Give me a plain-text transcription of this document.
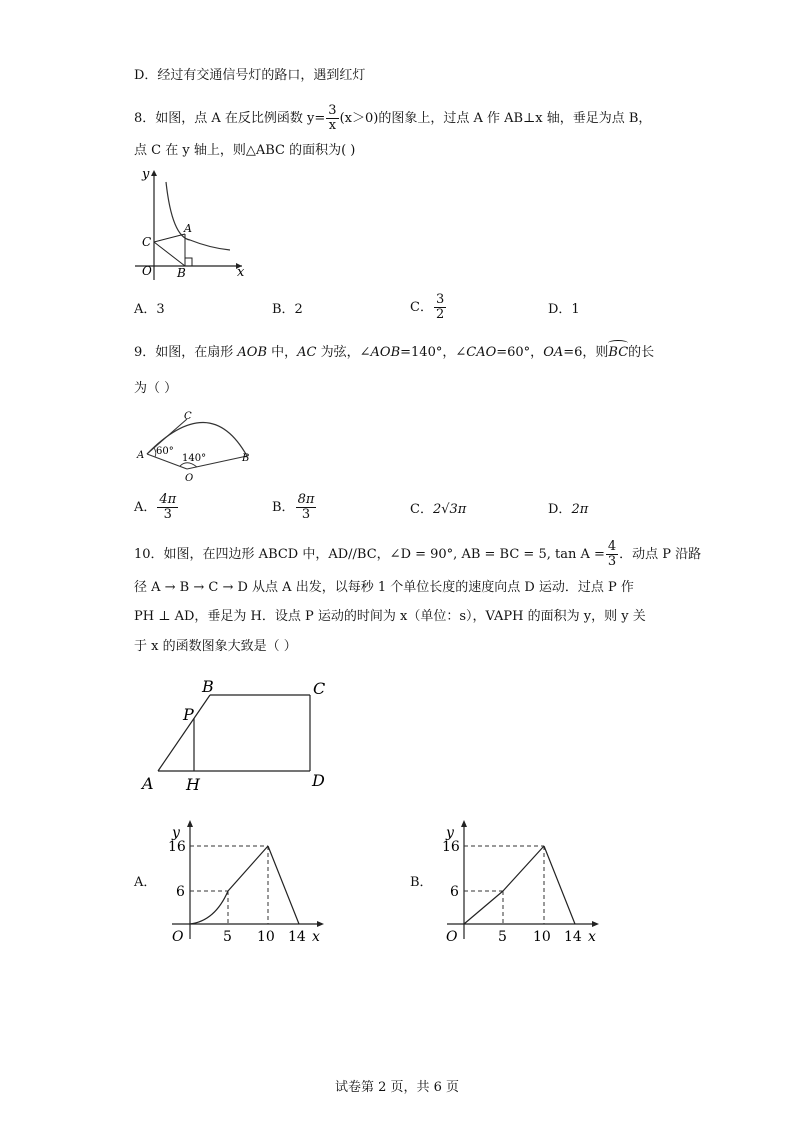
D．经过有交通信号灯的路口，遇到红灯
8．如图，点 A 在反比例函数 $y= \frac{3}{x} (x>0)$的图象上，过点 A 作 AB⊥x 轴，垂足为点 B，
点 C 在 y 轴上，则△ABC 的面积为( )
y
x
O
A
B
C
A．3	B．2	C． $\frac{3}{2}$	D．1
9．如图，在扇形 AOB 中，AC 为弦，∠AOB=140°，∠CAO=60°，OA=6，则BC的长
为（ ）
A	B
C
O
60°
140°
A． $\frac{4\pi}{3}$	B． $\frac{8\pi}{3}$	C．2√3π	D．2π
10．如图，在四边形 ABCD 中，AD//BC，∠D = 90°, AB = BC = 5, $\tan A = \frac{4}{3}$ ．动点 P 沿路
径 A → B → C → D 从点 A 出发，以每秒 1 个单位长度的速度向点 D 运动．过点 P 作
PH ⊥ AD，垂足为 H．设点 P 运动的时间为 x（单位：s），VAPH 的面积为 y，则 y 关
于 x 的函数图象大致是（ ）
A
B	C
D
P
H
A．
y
x
O
16
6
5 10 14
B．
y
x
O
16
6
5 10 14
试卷第 2 页，共 6 页
